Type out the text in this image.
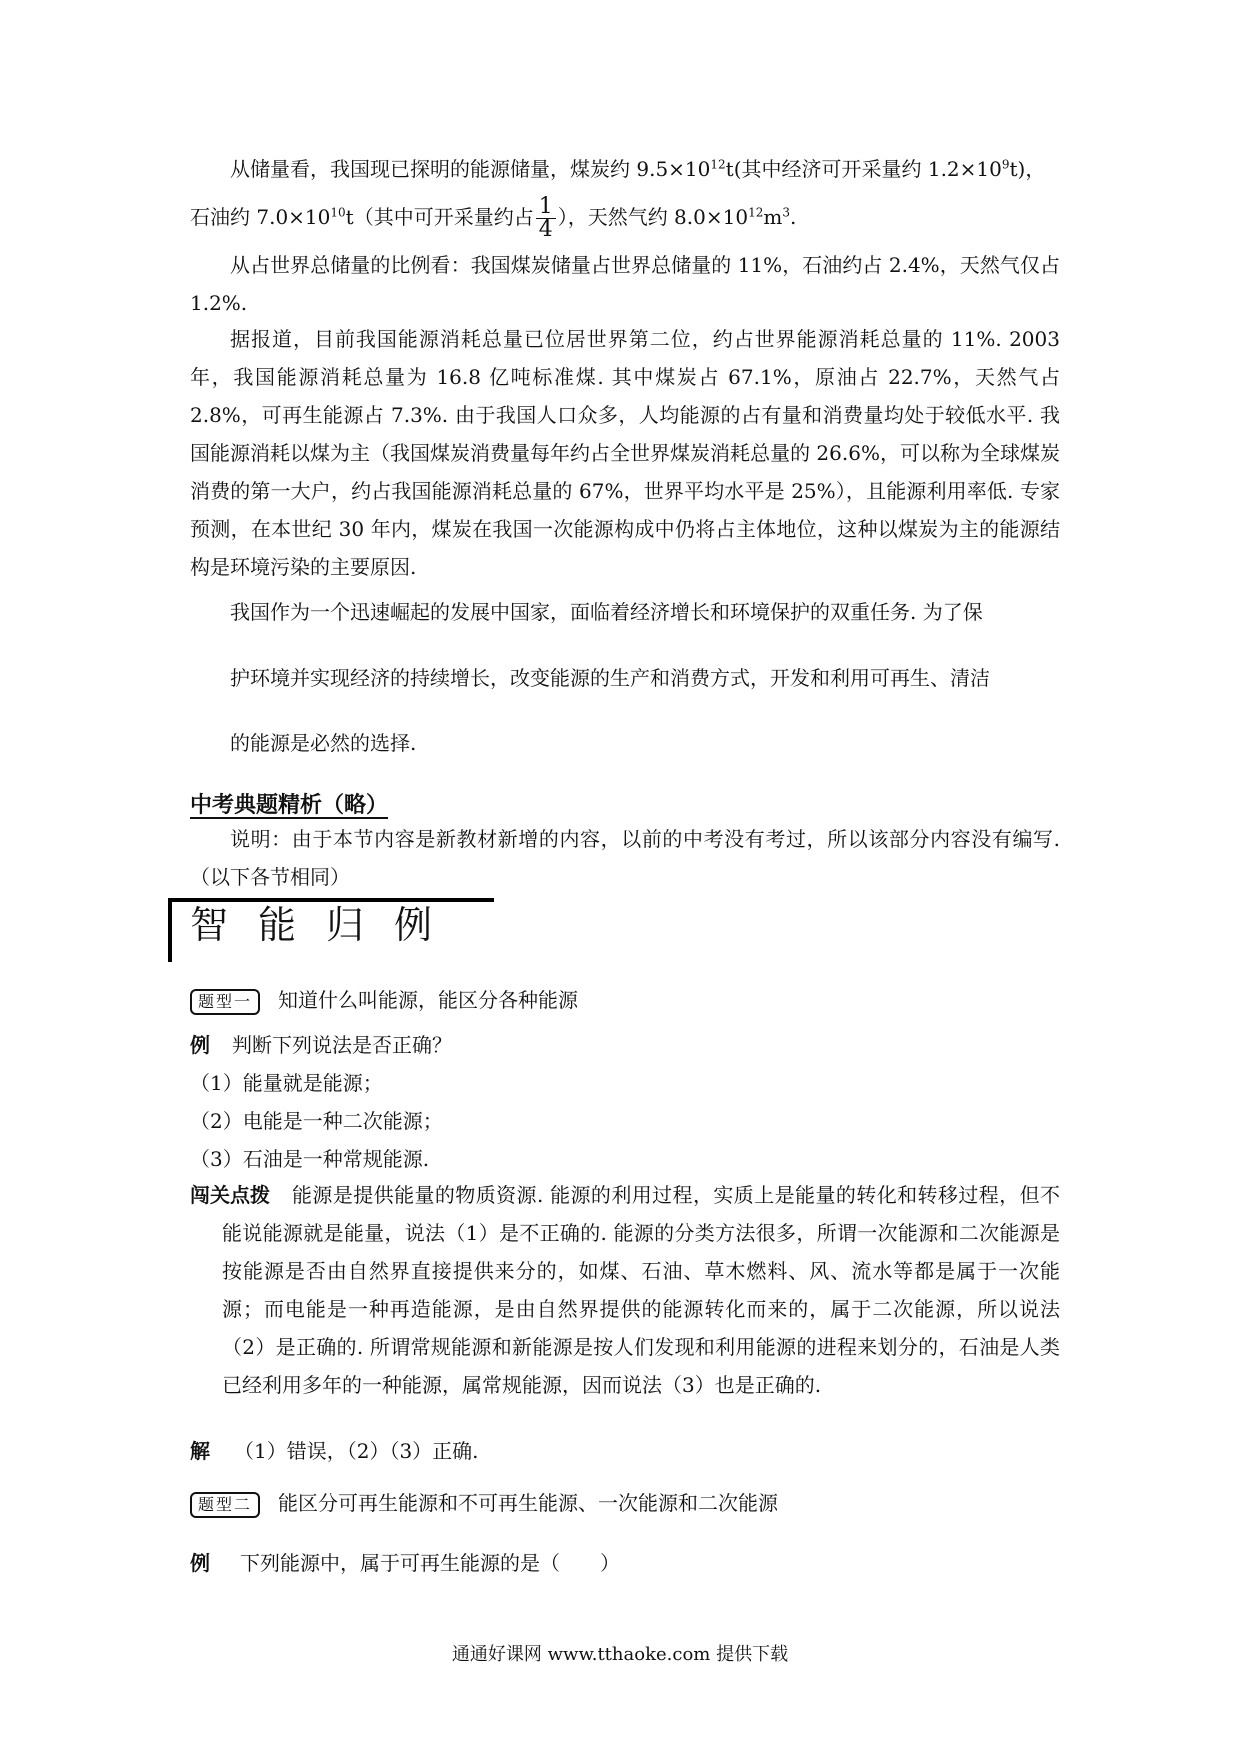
从储量看，我国现已探明的能源储量，煤炭约 $9.5\times 10^{12}t$(其中经济可开采量约 $1.2\times 10^9t$)，

石油约 $7.0\times 10^{10}t$（其中可开采量约占 $\frac{1}{4}$ ），天然气约 $8.0\times 10^{12}m^3$.

从占世界总储量的比例看：我国煤炭储量占世界总储量的 11%，石油约占 2.4%，天然气仅占 1.2%.

据报道，目前我国能源消耗总量已位居世界第二位，约占世界能源消耗总量的 11%. 2003年，我国能源消耗总量为 16.8 亿吨标准煤. 其中煤炭占 67.1%，原油占 22.7%，天然气占 2.8%，可再生能源占 7.3%. 由于我国人口众多，人均能源的占有量和消费量均处于较低水平. 我国能源消耗以煤为主（我国煤炭消费量每年约占全世界煤炭消耗总量的 26.6%，可以称为全球煤炭消费的第一大户，约占我国能源消耗总量的 67%，世界平均水平是 25%），且能源利用率低. 专家预测，在本世纪 30 年内，煤炭在我国一次能源构成中仍将占主体地位，这种以煤炭为主的能源结构是环境污染的主要原因.

我国作为一个迅速崛起的发展中国家，面临着经济增长和环境保护的双重任务. 为了保
护环境并实现经济的持续增长，改变能源的生产和消费方式，开发和利用可再生、清洁
的能源是必然的选择.
中考典题精析（略）

说明：由于本节内容是新教材新增的内容，以前的中考没有考过，所以该部分内容没有编写.（以下各节相同）

智能归例
题型一 知道什么叫能源，能区分各种能源
例 判断下列说法是否正确？
（1）能量就是能源；
（2）电能是一种二次能源；
（3）石油是一种常规能源.
闯关点拨	能源是提供能量的物质资源. 能源的利用过程，实质上是能量的转化和转移过程，但不能说能源就是能量，说法（1）是不正确的. 能源的分类方法很多，所谓一次能源和二次能源是按能源是否由自然界直接提供来分的，如煤、石油、草木燃料、风、流水等都是属于一次能源；而电能是一种再造能源，是由自然界提供的能源转化而来的，属于二次能源，所以说法（2）是正确的. 所谓常规能源和新能源是按人们发现和利用能源的进程来划分的，石油是人类已经利用多年的一种能源，属常规能源，因而说法（3）也是正确的.
解 （1）错误，（2）（3）正确.
题型二 能区分可再生能源和不可再生能源、一次能源和二次能源
例 下列能源中，属于可再生能源的是（　　）
通通好课网 www.tthaoke.com 提供下载
